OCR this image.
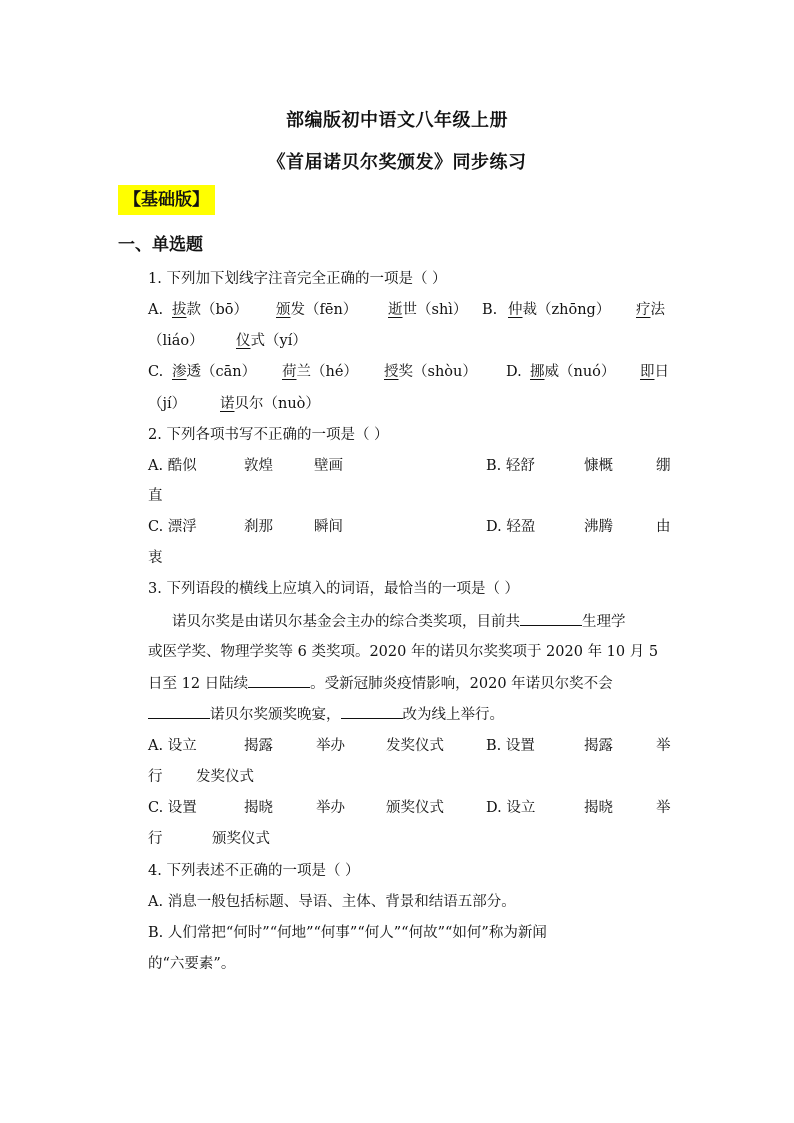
部编版初中语文八年级上册
《首届诺贝尔奖颁发》同步练习
【基础版】
一、单选题
1. 下列加下划线字注音完全正确的一项是（ ）
A. 拔款（bō） 颁发（fēn） 逝世（shì） B. 仲裁（zhōng） 疗法
（liáo） 仪式（yí）
C. 渗透（cān） 荷兰（hé） 授奖（shòu） D. 挪威（nuó） 即日
（jí） 诺贝尔（nuò）
2. 下列各项书写不正确的一项是（ ）
A. 酷似	敦煌	壁画	B. 轻舒	慷概	绷
直
C. 漂浮	刹那	瞬间	D. 轻盈	沸腾	由
衷
3. 下列语段的横线上应填入的词语，最恰当的一项是（ ）
诺贝尔奖是由诺贝尔基金会主办的综合类奖项，目前共	生理学
或医学奖、物理学奖等 6 类奖项。2020 年的诺贝尔奖奖项于 2020 年 10 月 5
日至 12 日陆续	。受新冠肺炎疫情影响，2020 年诺贝尔奖不会
诺贝尔奖颁奖晚宴，	改为线上举行。
A. 设立	揭露	举办	发奖仪式	B. 设置	揭露	举
行 发奖仪式
C. 设置	揭晓	举办	颁奖仪式	D. 设立	揭晓	举
行	颁奖仪式
4. 下列表述不正确的一项是（ ）
A. 消息一般包括标题、导语、主体、背景和结语五部分。
B. 人们常把“何时”“何地”“何事”“何人”“何故”“如何”称为新闻
的“六要素”。
